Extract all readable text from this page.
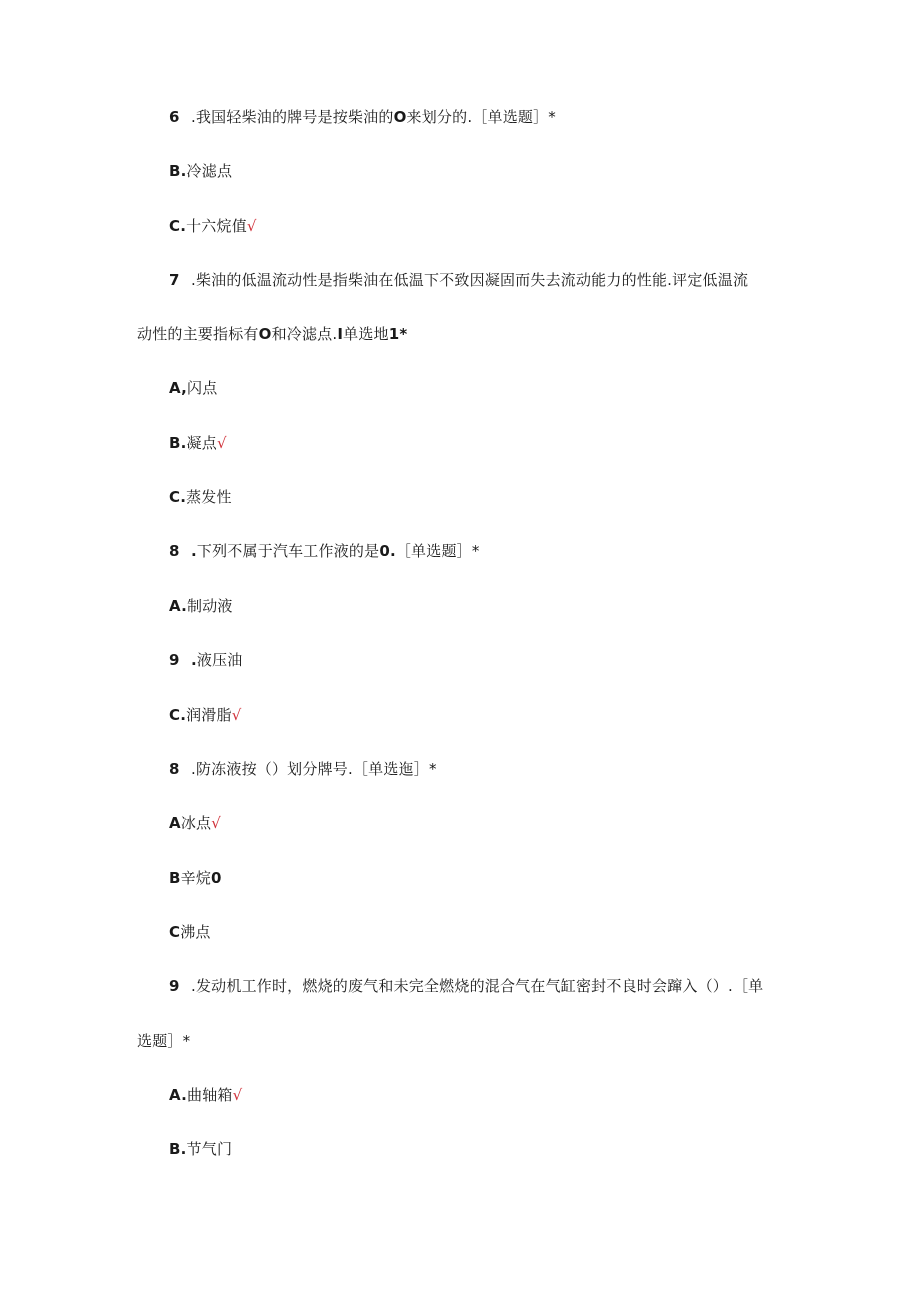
6 .我国轻柴油的牌号是按柴油的O来划分的.［单选题］*
B.冷滤点
C.十六烷值√
7 .柴油的低温流动性是指柴油在低温下不致因凝固而失去流动能力的性能.评定低温流
动性的主要指标有O和冷滤点.I单选地1*
A,闪点
B.凝点√
C.蒸发性
8 .下列不属于汽车工作液的是0.［单选题］*
A.制动液
9 .液压油
C.润滑脂√
8 .防冻液按（）划分牌号.［单选迤］*
A冰点√
B辛烷0
C沸点
9 .发动机工作时，燃烧的废气和未完全燃烧的混合气在气缸密封不良时会蹿入（）.［单
选题］*
A.曲轴箱√
B.节气门
